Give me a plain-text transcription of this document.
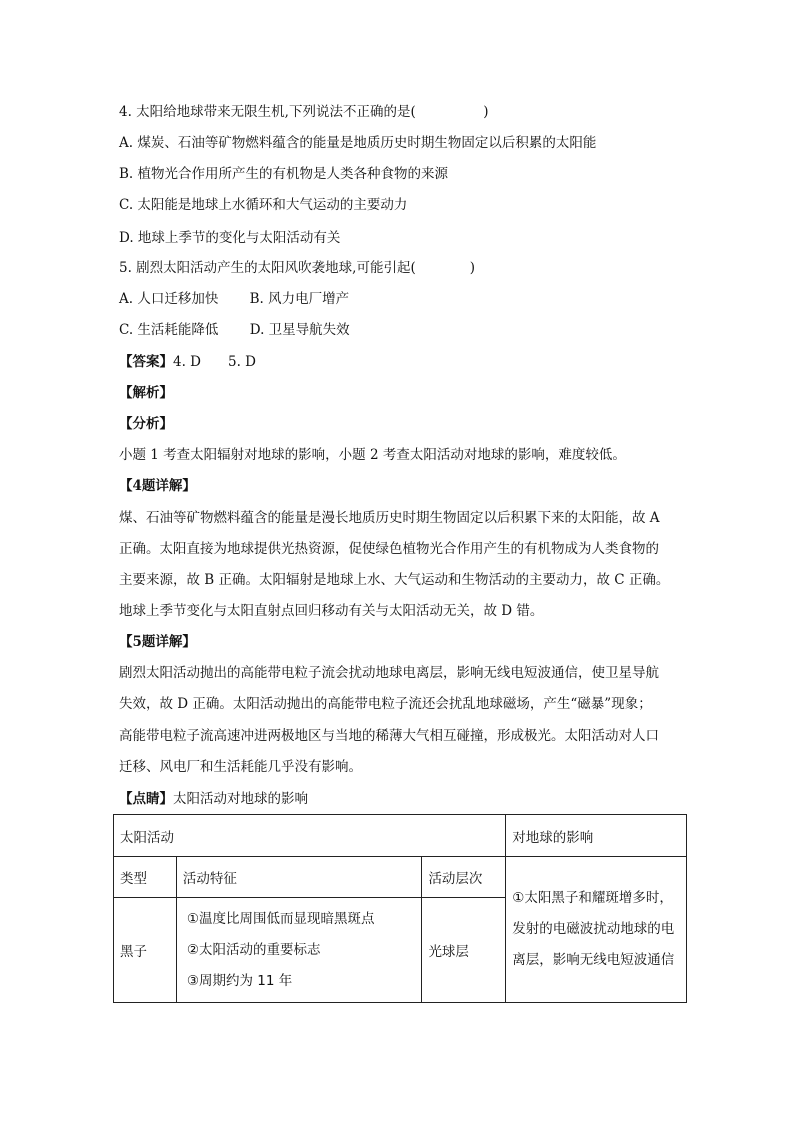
4. 太阳给地球带来无限生机,下列说法不正确的是(　　　　　)
A. 煤炭、石油等矿物燃料蕴含的能量是地质历史时期生物固定以后积累的太阳能
B. 植物光合作用所产生的有机物是人类各种食物的来源
C. 太阳能是地球上水循环和大气运动的主要动力
D. 地球上季节的变化与太阳活动有关
5. 剧烈太阳活动产生的太阳风吹袭地球,可能引起(　　　　)
A. 人口迁移加快　　 B. 风力电厂增产
C. 生活耗能降低　　 D. 卫星导航失效
【答案】4. D　　5. D
【解析】
【分析】
小题 1 考查太阳辐射对地球的影响，小题 2 考查太阳活动对地球的影响，难度较低。
【4题详解】
煤、石油等矿物燃料蕴含的能量是漫长地质历史时期生物固定以后积累下来的太阳能，故 A
正确。太阳直接为地球提供光热资源，促使绿色植物光合作用产生的有机物成为人类食物的
主要来源，故 B 正确。太阳辐射是地球上水、大气运动和生物活动的主要动力，故 C 正确。
地球上季节变化与太阳直射点回归移动有关与太阳活动无关，故 D 错。
【5题详解】
剧烈太阳活动抛出的高能带电粒子流会扰动地球电离层，影响无线电短波通信，使卫星导航
失效，故 D 正确。太阳活动抛出的高能带电粒子流还会扰乱地球磁场，产生“磁暴”现象；
高能带电粒子流高速冲进两极地区与当地的稀薄大气相互碰撞，形成极光。太阳活动对人口
迁移、风电厂和生活耗能几乎没有影响。
【点睛】太阳活动对地球的影响
太阳活动			对地球的影响
类型	活动特征	活动层次	①太阳黑子和耀斑增多时，发射的电磁波扰动地球的电离层，影响无线电短波通信
黑子	①温度比周围低而显现暗黑斑点
②太阳活动的重要标志
③周期约为 11 年	光球层	
